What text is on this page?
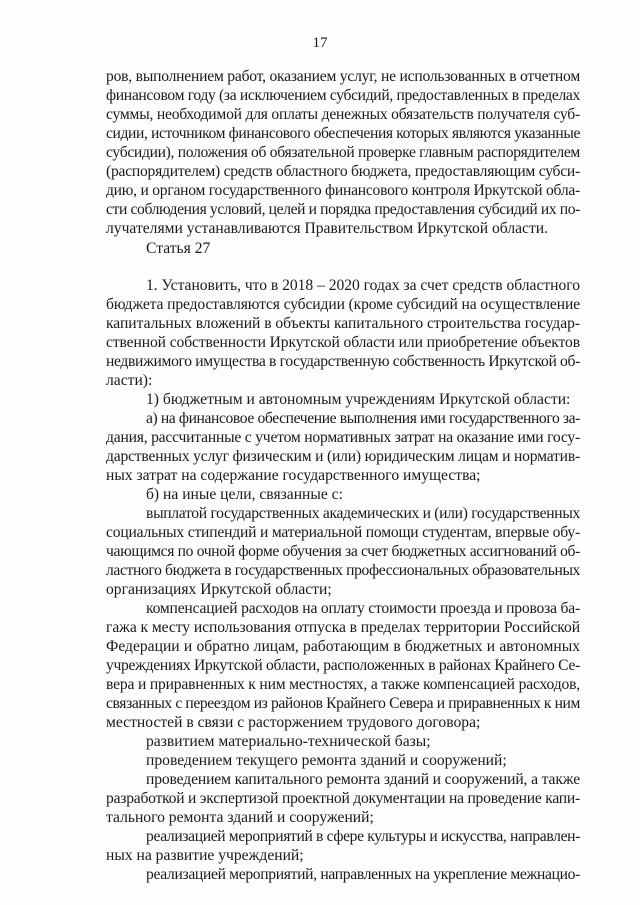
17
ров, выполнением работ, оказанием услуг, не использованных в отчетном
финансовом году (за исключением субсидий, предоставленных в пределах
суммы, необходимой для оплаты денежных обязательств получателя суб-
сидии, источником финансового обеспечения которых являются указанные
субсидии), положения об обязательной проверке главным распорядителем
(распорядителем) средств областного бюджета, предоставляющим субси-
дию, и органом государственного финансового контроля Иркутской обла-
сти соблюдения условий, целей и порядка предоставления субсидий их по-
лучателями устанавливаются Правительством Иркутской области.
Статья 27
1. Установить, что в 2018 – 2020 годах за счет средств областного
бюджета предоставляются субсидии (кроме субсидий на осуществление
капитальных вложений в объекты капитального строительства государ-
ственной собственности Иркутской области или приобретение объектов
недвижимого имущества в государственную собственность Иркутской об-
ласти):
1) бюджетным и автономным учреждениям Иркутской области:
а) на финансовое обеспечение выполнения ими государственного за-
дания, рассчитанные с учетом нормативных затрат на оказание ими госу-
дарственных услуг физическим и (или) юридическим лицам и норматив-
ных затрат на содержание государственного имущества;
б) на иные цели, связанные с:
выплатой государственных академических и (или) государственных
социальных стипендий и материальной помощи студентам, впервые обу-
чающимся по очной форме обучения за счет бюджетных ассигнований об-
ластного бюджета в государственных профессиональных образовательных
организациях Иркутской области;
компенсацией расходов на оплату стоимости проезда и провоза ба-
гажа к месту использования отпуска в пределах территории Российской
Федерации и обратно лицам, работающим в бюджетных и автономных
учреждениях Иркутской области, расположенных в районах Крайнего Се-
вера и приравненных к ним местностях, а также компенсацией расходов,
связанных с переездом из районов Крайнего Севера и приравненных к ним
местностей в связи с расторжением трудового договора;
развитием материально-технической базы;
проведением текущего ремонта зданий и сооружений;
проведением капитального ремонта зданий и сооружений, а также
разработкой и экспертизой проектной документации на проведение капи-
тального ремонта зданий и сооружений;
реализацией мероприятий в сфере культуры и искусства, направлен-
ных на развитие учреждений;
реализацией мероприятий, направленных на укрепление межнацио-
